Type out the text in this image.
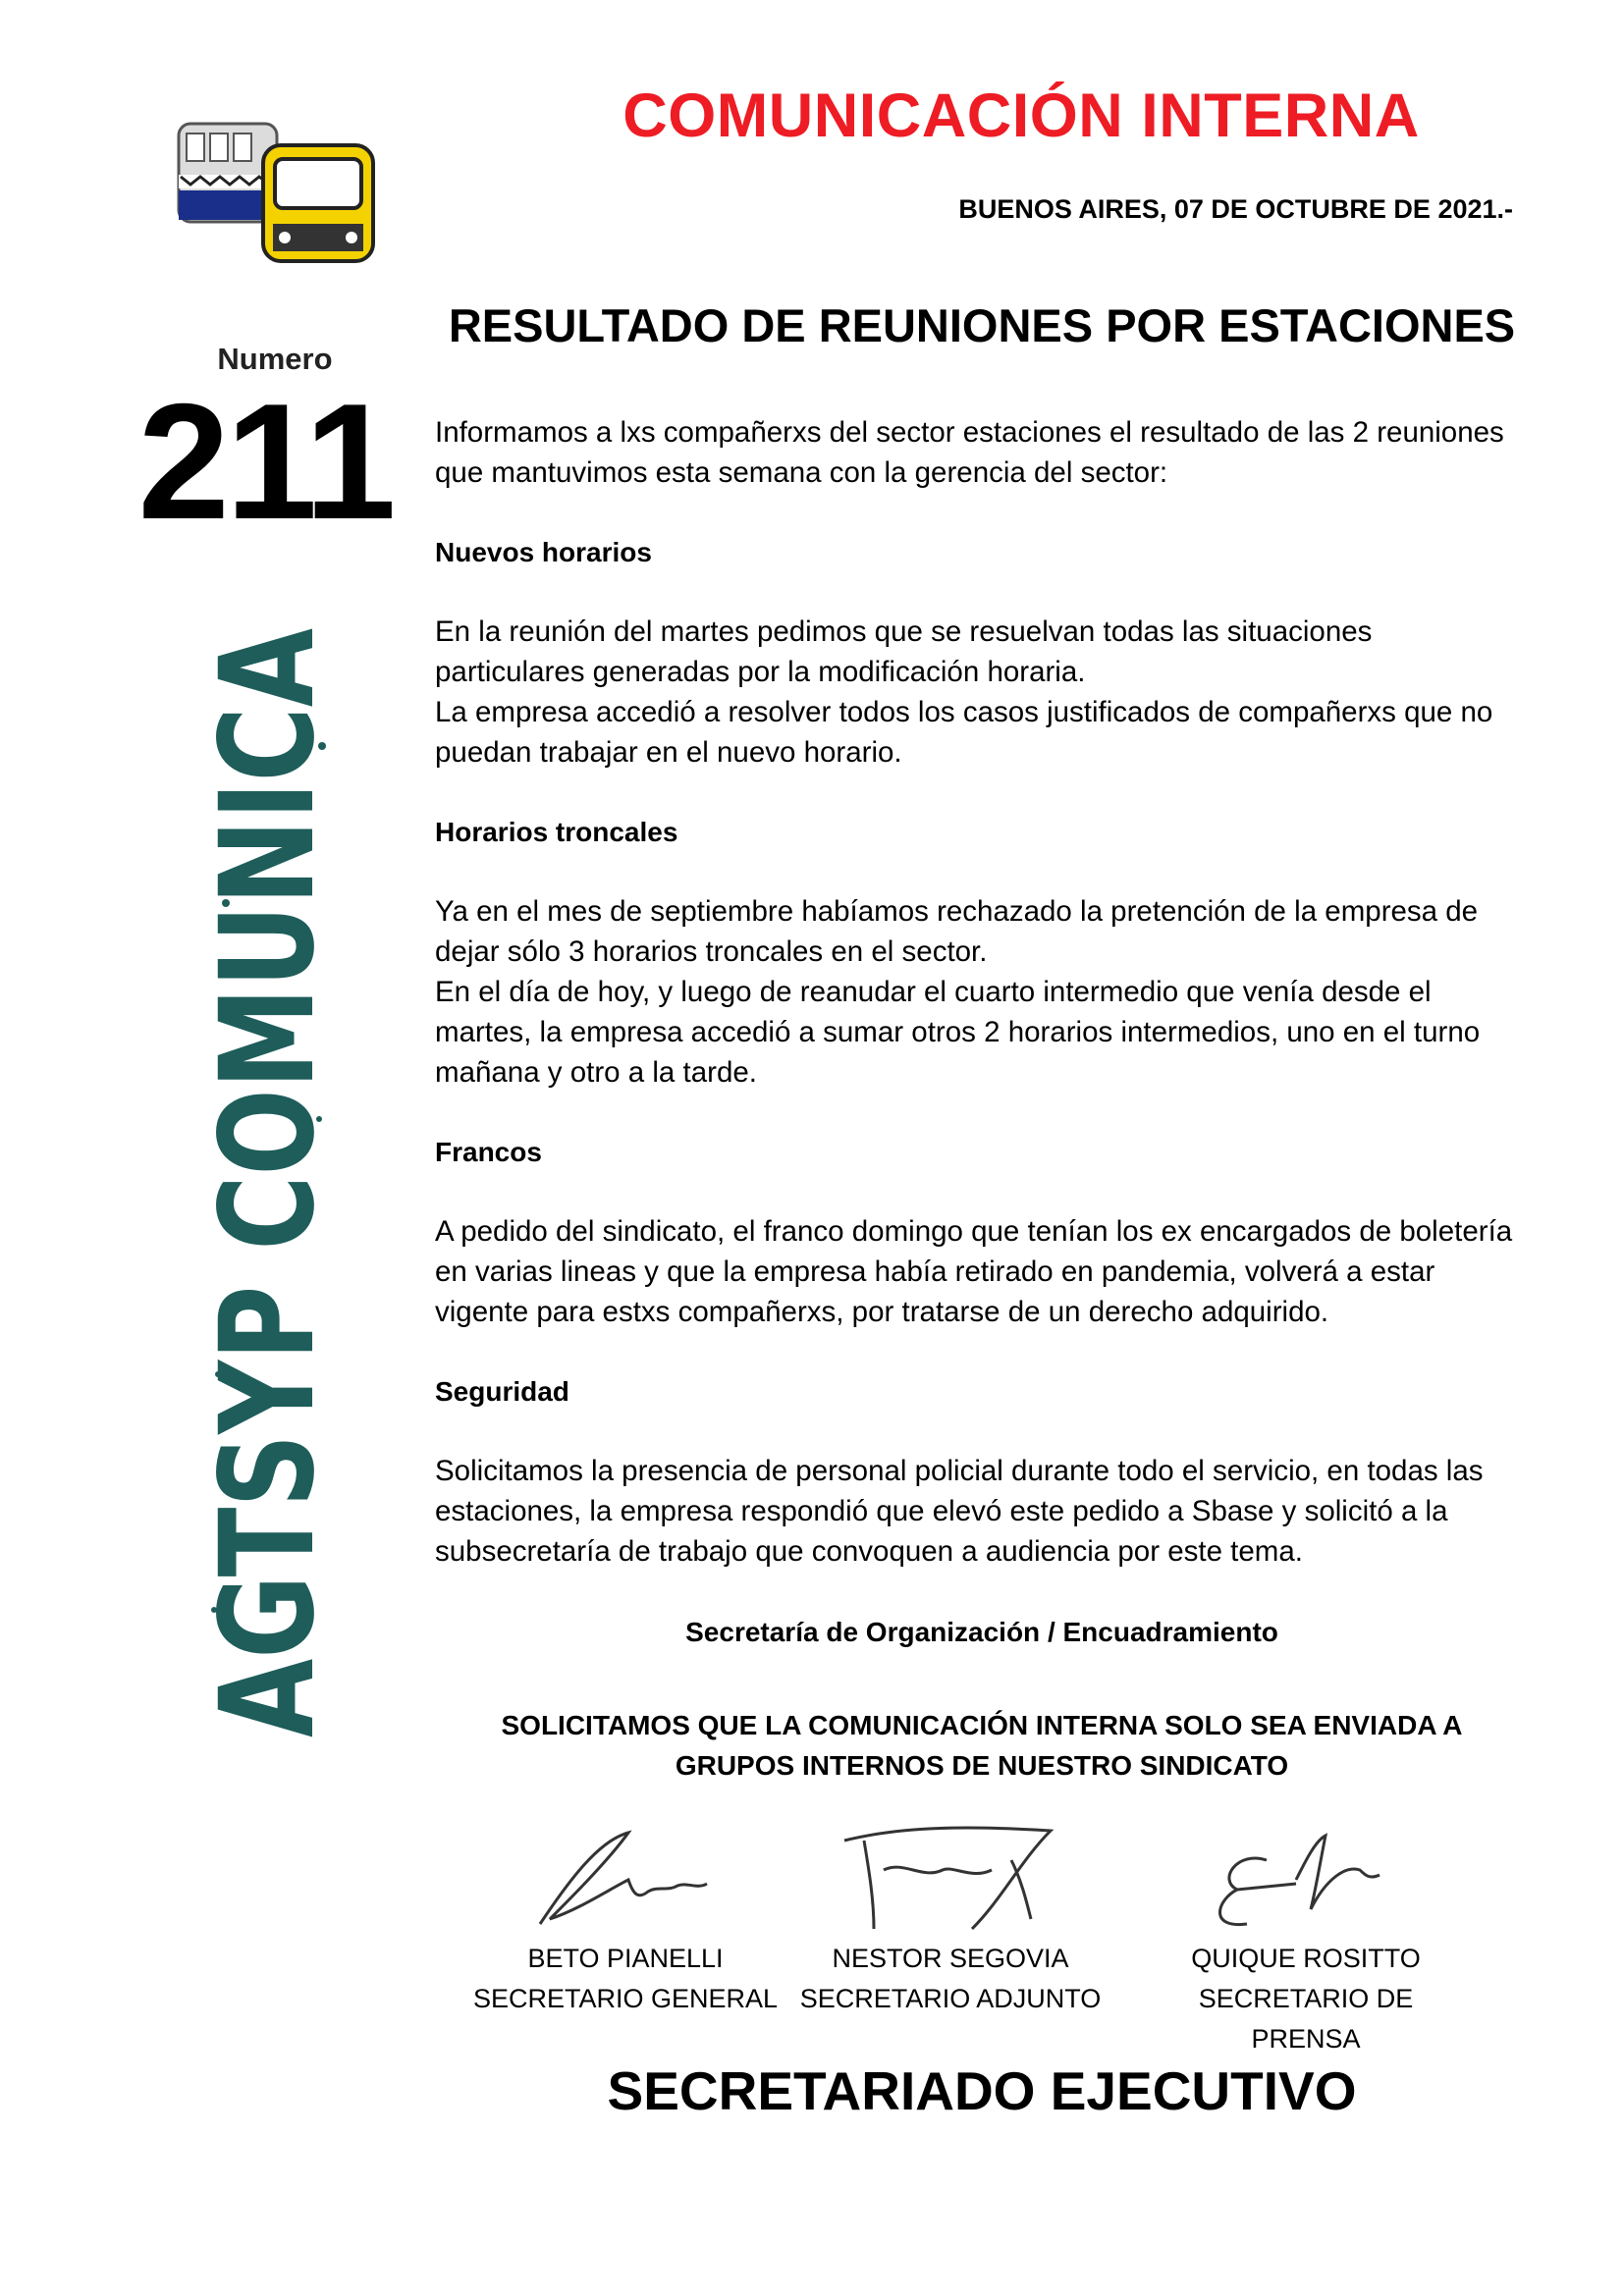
COMUNICACIÓN INTERNA
BUENOS AIRES, 07 DE OCTUBRE DE 2021.-
Numero
211
RESULTADO DE REUNIONES POR ESTACIONES
AGTSYP COMU

Informamos a lxs compañerxs del sector estaciones el resultado de las 2 reuniones que mantuvimos esta semana con la gerencia del sector:

Nuevos horarios

En la reunión del martes pedimos que se resuelvan todas las situaciones particulares generadas por la modificación horaria.
La empresa accedió a resolver todos los casos justificados de compañerxs que no puedan trabajar en el nuevo horario.

Horarios troncales

Ya en el mes de septiembre habíamos rechazado la pretención de la empresa de dejar sólo 3 horarios troncales en el sector.
En el día de hoy, y luego de reanudar el cuarto intermedio que venía desde el martes, la empresa accedió a sumar otros 2 horarios intermedios, uno en el turno mañana y otro a la tarde.

Francos

A pedido del sindicato, el franco domingo que tenían los ex encargados de boletería en varias lineas y que la empresa había retirado en pandemia, volverá a estar vigente para estxs compañerxs, por tratarse de un derecho adquirido.

Seguridad

Solicitamos la presencia de personal policial durante todo el servicio, en todas las estaciones, la empresa respondió que elevó este pedido a Sbase y solicitó a la subsecretaría de trabajo que convoquen a audiencia por este tema.

Secretaría de Organización / Encuadramiento
SOLICITAMOS QUE LA COMUNICACIÓN INTERNA SOLO SEA ENVIADA A
GRUPOS INTERNOS DE NUESTRO SINDICATO
BETO PIANELLI
SECRETARIO GENERAL
NESTOR SEGOVIA
SECRETARIO ADJUNTO
QUIQUE ROSITTO
SECRETARIO DE PRENSA
SECRETARIADO EJECUTIVO
